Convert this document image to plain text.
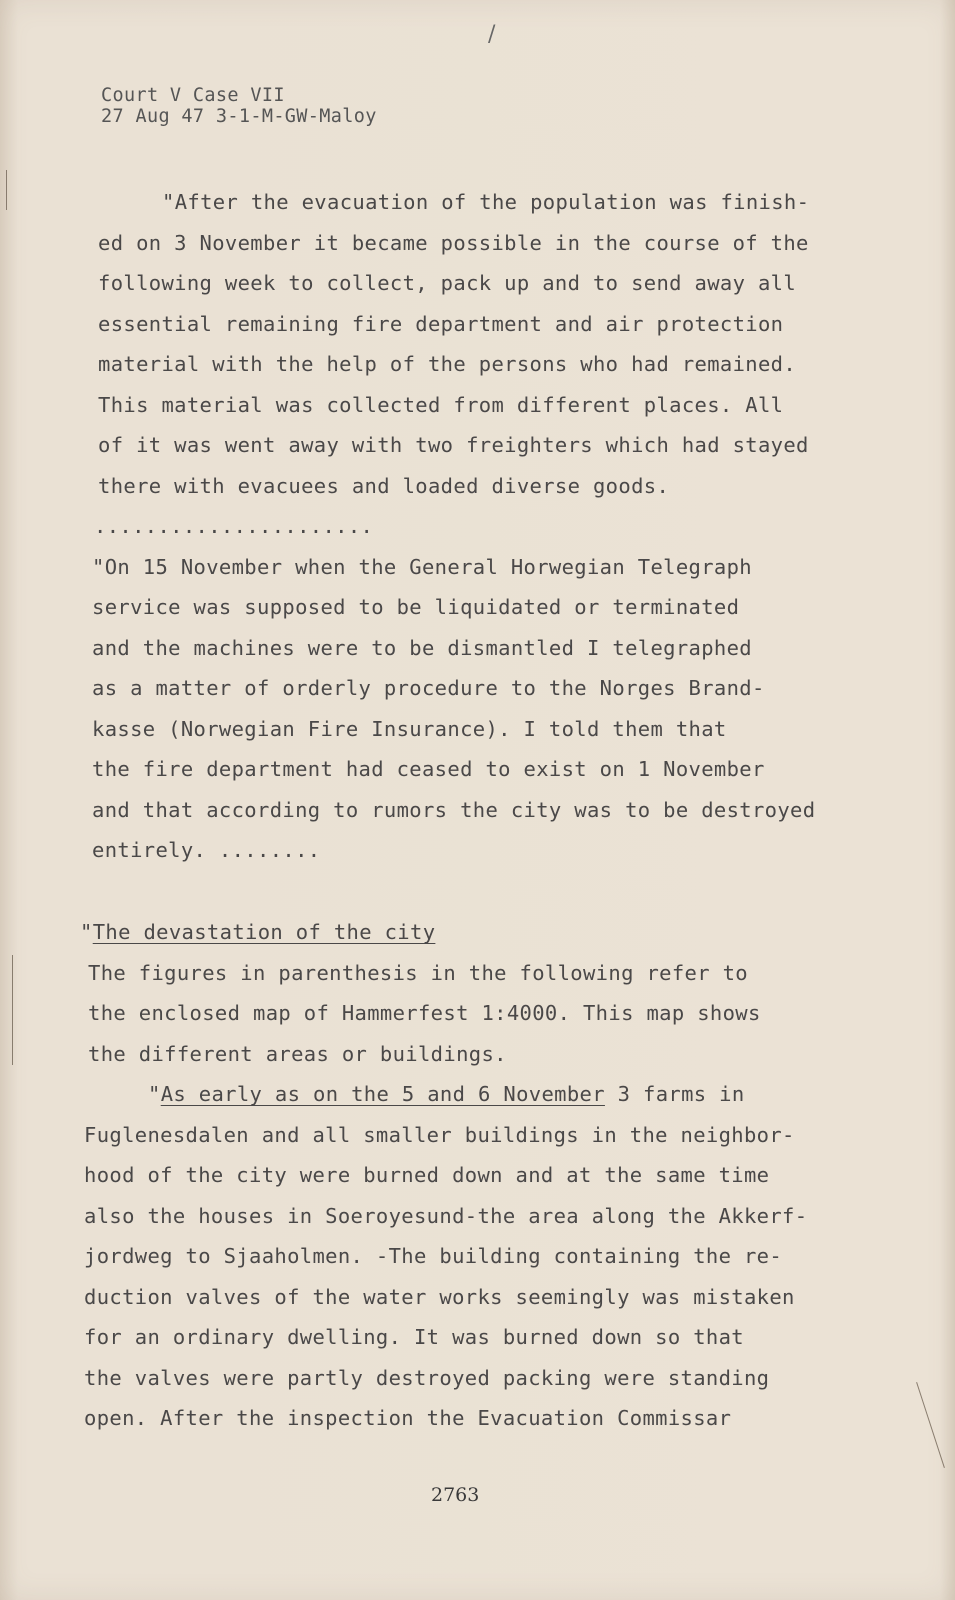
/
Court V Case VII
27 Aug 47 3-1-M-GW-Maloy
"After the evacuation of the population was finish-
ed on 3 November it became possible in the course of the
following week to collect, pack up and to send away all
essential remaining fire department and air protection
material with the help of the persons who had remained.
This material was collected from different places. All
of it was went away with two freighters which had stayed
there with evacuees and loaded diverse goods.
......................
"On 15 November when the General Horwegian Telegraph
service was supposed to be liquidated or terminated
and the machines were to be dismantled I telegraphed
as a matter of orderly procedure to the Norges Brand-
kasse (Norwegian Fire Insurance). I told them that
the fire department had ceased to exist on 1 November
and that according to rumors the city was to be destroyed
entirely. ........
"The devastation of the city
The figures in parenthesis in the following refer to
the enclosed map of Hammerfest 1:4000. This map shows
the different areas or buildings.
"As early as on the 5 and 6 November 3 farms in
Fuglenesdalen and all smaller buildings in the neighbor-
hood of the city were burned down and at the same time
also the houses in Soeroyesund-the area along the Akkerf-
jordweg to Sjaaholmen. -The building containing the re-
duction valves of the water works seemingly was mistaken
for an ordinary dwelling. It was burned down so that
the valves were partly destroyed packing were standing
open. After the inspection the Evacuation Commissar
2763
